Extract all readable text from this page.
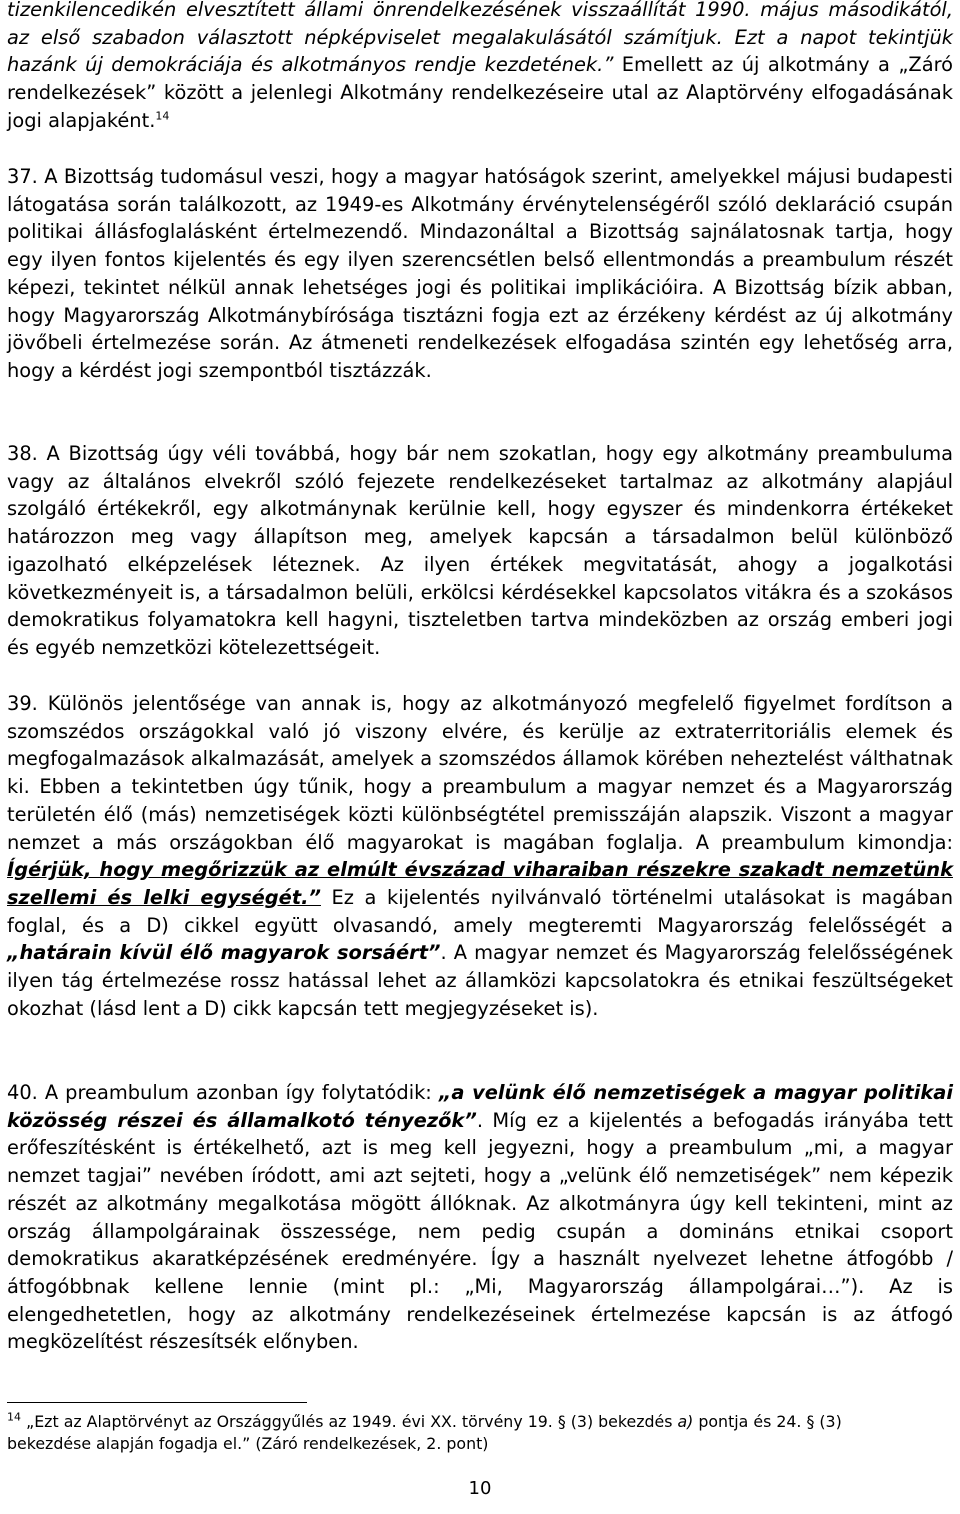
tizenkilencedikén elvesztített állami önrendelkezésének visszaállítát 1990. május másodikától, az első szabadon választott népképviselet megalakulásától számítjuk. Ezt a napot tekintjük hazánk új demokráciája és alkotmányos rendje kezdetének.” Emellett az új alkotmány a „Záró rendelkezések” között a jelenlegi Alkotmány rendelkezéseire utal az Alaptörvény elfogadásának jogi alapjaként.$^{14}$

37. A Bizottság tudomásul veszi, hogy a magyar hatóságok szerint, amelyekkel májusi budapesti látogatása során találkozott, az 1949-es Alkotmány érvénytelenségéről szóló deklaráció csupán politikai állásfoglalásként értelmezendő. Mindazonáltal a Bizottság sajnálatosnak tartja, hogy egy ilyen fontos kijelentés és egy ilyen szerencsétlen belső ellentmondás a preambulum részét képezi, tekintet nélkül annak lehetséges jogi és politikai implikációira. A Bizottság bízik abban, hogy Magyarország Alkotmánybírósága tisztázni fogja ezt az érzékeny kérdést az új alkotmány jövőbeli értelmezése során. Az átmeneti rendelkezések elfogadása szintén egy lehetőség arra, hogy a kérdést jogi szempontból tisztázzák.

38. A Bizottság úgy véli továbbá, hogy bár nem szokatlan, hogy egy alkotmány preambuluma vagy az általános elvekről szóló fejezete rendelkezéseket tartalmaz az alkotmány alapjául szolgáló értékekről, egy alkotmánynak kerülnie kell, hogy egyszer és mindenkorra értékeket határozzon meg vagy állapítson meg, amelyek kapcsán a társadalmon belül különböző igazolható elképzelések léteznek. Az ilyen értékek megvitatását, ahogy a jogalkotási következményeit is, a társadalmon belüli, erkölcsi kérdésekkel kapcsolatos vitákra és a szokásos demokratikus folyamatokra kell hagyni, tiszteletben tartva mindeközben az ország emberi jogi és egyéb nemzetközi kötelezettségeit.

39. Különös jelentősége van annak is, hogy az alkotmányozó megfelelő figyelmet fordítson a szomszédos országokkal való jó viszony elvére, és kerülje az extraterritoriális elemek és megfogalmazások alkalmazását, amelyek a szomszédos államok körében neheztelést válthatnak ki. Ebben a tekintetben úgy tűnik, hogy a preambulum a magyar nemzet és a Magyarország területén élő (más) nemzetiségek közti különbségtétel premisszáján alapszik. Viszont a magyar nemzet a más országokban élő magyarokat is magában foglalja. A preambulum kimondja: Ígérjük, hogy megőrizzük az elmúlt évszázad viharaiban részekre szakadt nemzetünk szellemi és lelki egységét.” Ez a kijelentés nyilvánvaló történelmi utalásokat is magában foglal, és a D) cikkel együtt olvasandó, amely megteremti Magyarország felelősségét a „határain kívül élő magyarok sorsáért”. A magyar nemzet és Magyarország felelősségének ilyen tág értelmezése rossz hatással lehet az államközi kapcsolatokra és etnikai feszültségeket okozhat (lásd lent a D) cikk kapcsán tett megjegyzéseket is).

40. A preambulum azonban így folytatódik: „a velünk élő nemzetiségek a magyar politikai közösség részei és államalkotó tényezők”. Míg ez a kijelentés a befogadás irányába tett erőfeszítésként is értékelhető, azt is meg kell jegyezni, hogy a preambulum „mi, a magyar nemzet tagjai” nevében íródott, ami azt sejteti, hogy a „velünk élő nemzetiségek” nem képezik részét az alkotmány megalkotása mögött állóknak. Az alkotmányra úgy kell tekinteni, mint az ország állampolgárainak összessége, nem pedig csupán a domináns etnikai csoport demokratikus akaratképzésének eredményére. Így a használt nyelvezet lehetne átfogóbb / átfogóbbnak kellene lennie (mint pl.: „Mi, Magyarország állampolgárai…”). Az is elengedhetetlen, hogy az alkotmány rendelkezéseinek értelmezése kapcsán is az átfogó megközelítést részesítsék előnyben.

$^{14}$ „Ezt az Alaptörvényt az Országgyűlés az 1949. évi XX. törvény 19. § (3) bekezdés a) pontja és 24. § (3) bekezdése alapján fogadja el.” (Záró rendelkezések, 2. pont)

10
